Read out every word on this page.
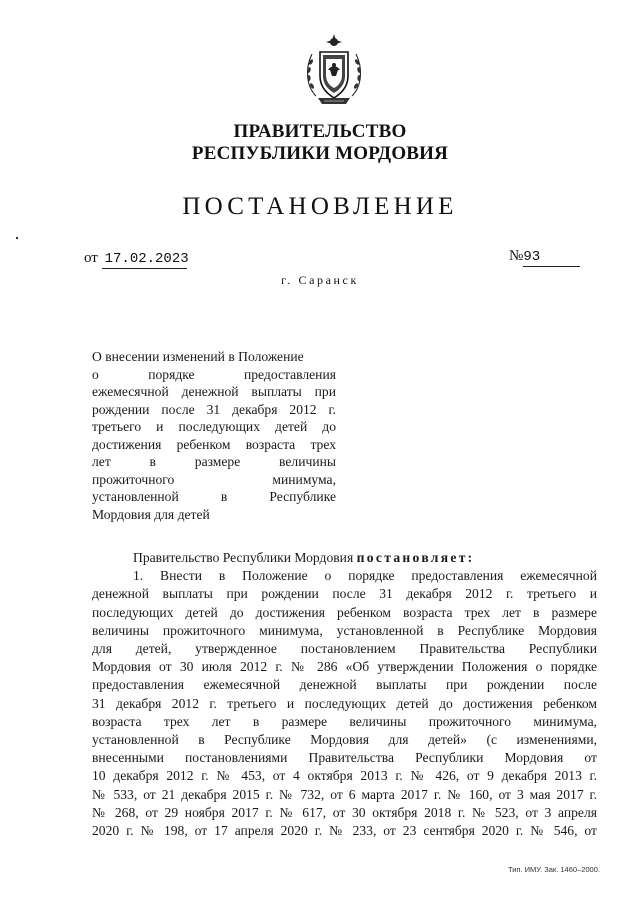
ПРАВИТЕЛЬСТВО
РЕСПУБЛИКИ МОРДОВИЯ
ПОСТАНОВЛЕНИЕ
от 17.02.2023	№93
г. Саранск
О внесении изменений в Положение
о порядке предоставления
ежемесячной денежной выплаты при
рождении после 31 декабря 2012 г.
третьего и последующих детей до
достижения ребенком возраста трех
лет в размере величины
прожиточного минимума,
установленной в Республике
Мордовия для детей
Правительство Республики Мордовия постановляет:
1. Внести в Положение о порядке предоставления ежемесячной
денежной выплаты при рождении после 31 декабря 2012 г. третьего и
последующих детей до достижения ребенком возраста трех лет в размере
величины прожиточного минимума, установленной в Республике Мордовия
для детей, утвержденное постановлением Правительства Республики
Мордовия от 30 июля 2012 г. № 286 «Об утверждении Положения о порядке
предоставления ежемесячной денежной выплаты при рождении после
31 декабря 2012 г. третьего и последующих детей до достижения ребенком
возраста трех лет в размере величины прожиточного минимума,
установленной в Республике Мордовия для детей» (с изменениями,
внесенными постановлениями Правительства Республики Мордовия от
10 декабря 2012 г. № 453, от 4 октября 2013 г. № 426, от 9 декабря 2013 г.
№ 533, от 21 декабря 2015 г. № 732, от 6 марта 2017 г. № 160, от 3 мая 2017 г.
№ 268, от 29 ноября 2017 г. № 617, от 30 октября 2018 г. № 523, от 3 апреля
2020 г. № 198, от 17 апреля 2020 г. № 233, от 23 сентября 2020 г. № 546, от
Тип. ИМУ. Зак. 1460–2000.
